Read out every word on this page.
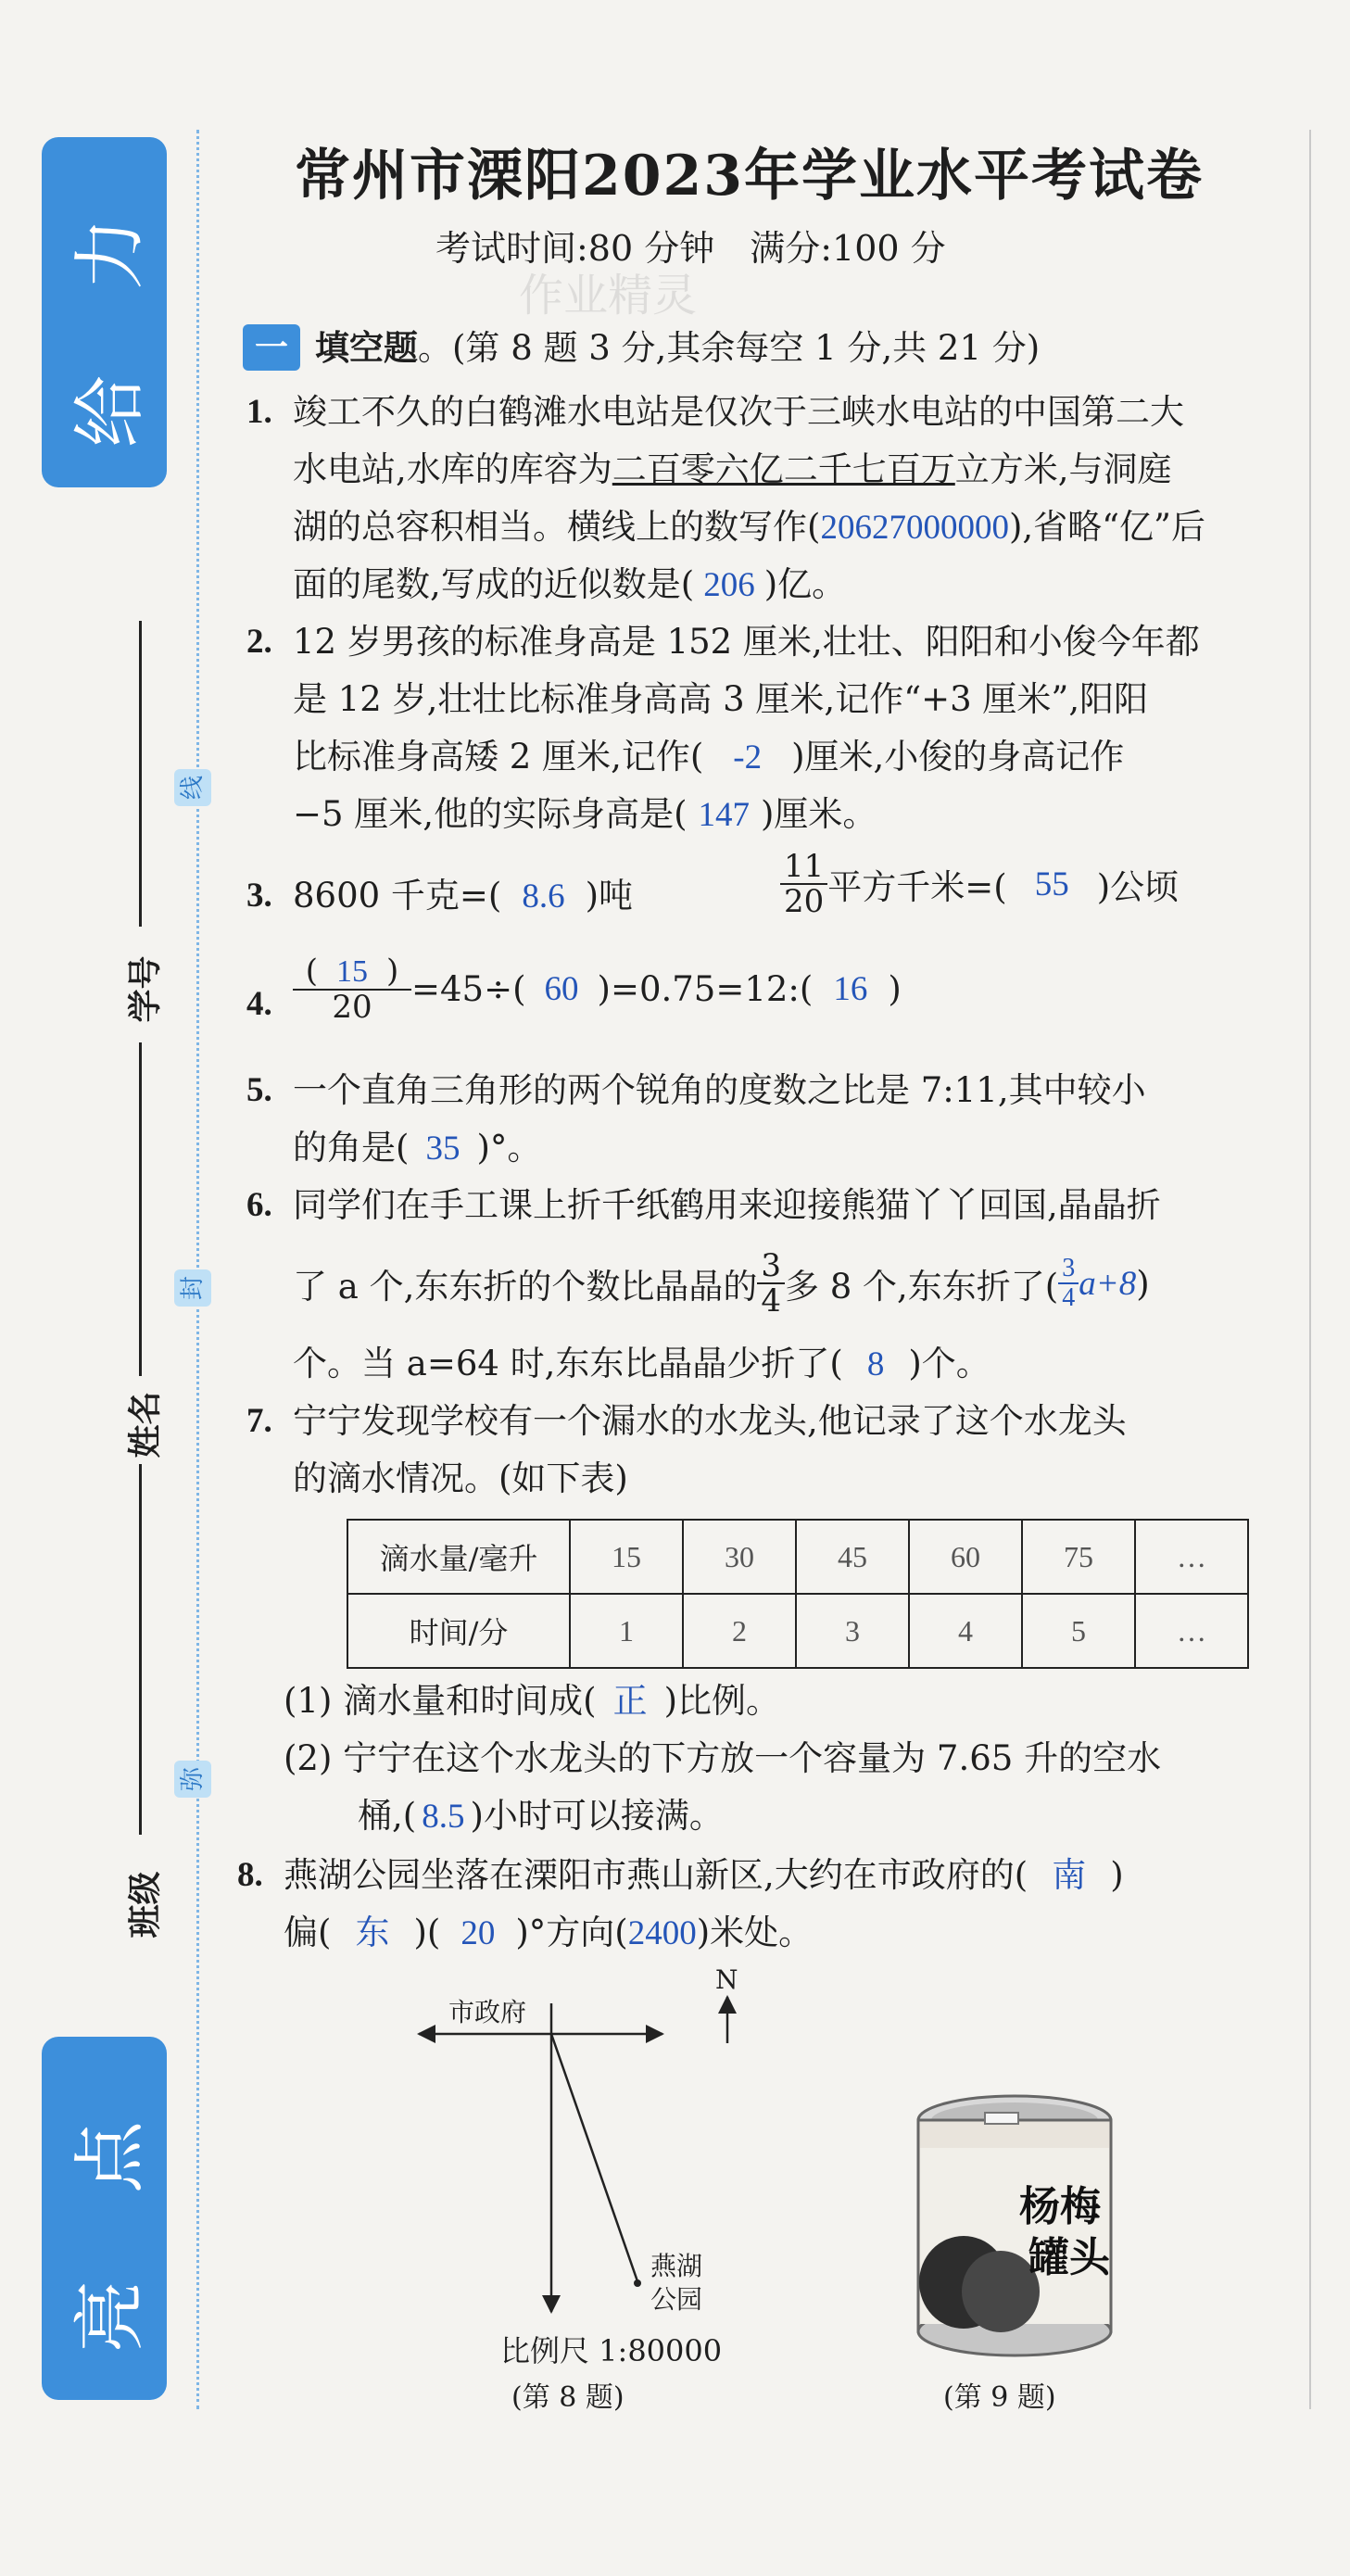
力
给
点
亮
学号
姓名
班级
线
封
弥
常州市溧阳2023年学业水平考试卷
考试时间:80 分钟　满分:100 分
作业精灵
一 填空题。(第 8 题 3 分,其余每空 1 分,共 21 分)
1. 竣工不久的白鹤滩水电站是仅次于三峡水电站的中国第二大
水电站,水库的库容为二百零六亿二千七百万立方米,与洞庭
湖的总容积相当。横线上的数写作(20627000000),省略“亿”后
面的尾数,写成的近似数是( 206 )亿。
2. 12 岁男孩的标准身高是 152 厘米,壮壮、阳阳和小俊今年都
是 12 岁,壮壮比标准身高高 3 厘米,记作“+3 厘米”,阳阳
比标准身高矮 2 厘米,记作( -2 )厘米,小俊的身高记作
−5 厘米,他的实际身高是( 147 )厘米。
3. 8600 千克=( 8.6 )吨	$\frac{11}{20}$ 平方千米=( 55 )公顷
4. $\frac{( 15 )}{20} =45\div$( 60 )=0.75=12:( 16 )
5. 一个直角三角形的两个锐角的度数之比是 7:11,其中较小
的角是( 35 )°。
6. 同学们在手工课上折千纸鹤用来迎接熊猫丫丫回国,晶晶折
了 a 个,东东折的个数比晶晶的 $\frac{3}{4}$ 多 8 个,东东折了( $\frac{3}{4} a+8$ )
个。当 a=64 时,东东比晶晶少折了( 8 )个。
7. 宁宁发现学校有一个漏水的水龙头,他记录了这个水龙头
的滴水情况。(如下表)
滴水量/毫升	15	30	45	60	75	…
时间/分	1	2	3	4	5	…
(1) 滴水量和时间成( 正 )比例。
(2) 宁宁在这个水龙头的下方放一个容量为 7.65 升的空水
桶,( 8.5 )小时可以接满。
8. 燕湖公园坐落在溧阳市燕山新区,大约在市政府的( 南 )
偏( 东 )( 20 )°方向(2400)米处。
市政府
N
燕湖
公园
比例尺 1:80000
(第 8 题)
杨梅
罐头
(第 9 题)
